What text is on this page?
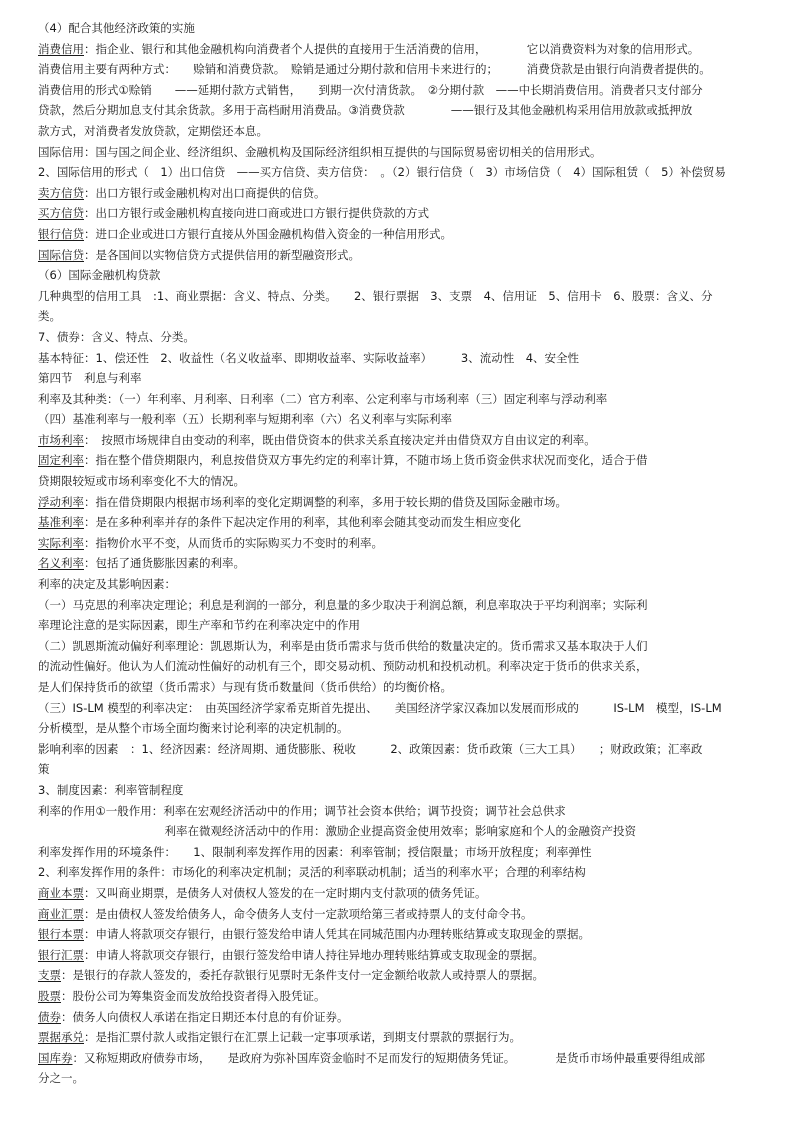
（4）配合其他经济政策的实施
消费信用：指企业、银行和其他金融机构向消费者个人提供的直接用于生活消费的信用，　　　　它以消费资料为对象的信用形式。
消费信用主要有两种方式：　　赊销和消费贷款。　赊销是通过分期付款和信用卡来进行的；　　　消费贷款是由银行向消费者提供的。
消费信用的形式①赊销　　——延期付款方式销售，　　到期一次付清货款。　②分期付款　——中长期消费信用。消费者只支付部分
贷款，然后分期加息支付其余货款。多用于高档耐用消费品。③消费贷款　　　　——银行及其他金融机构采用信用放款或抵押放
款方式，对消费者发放贷款，定期偿还本息。
国际信用：国与国之间企业、经济组织、金融机构及国际经济组织相互提供的与国际贸易密切相关的信用形式。
2、国际信用的形式（　1）出口信贷　——买方信贷、卖方信贷：　。（2）银行信贷（　3）市场信贷（　4）国际租赁（　5）补偿贸易
卖方信贷：出口方银行或金融机构对出口商提供的信贷。
买方信贷：出口方银行或金融机构直接向进口商或进口方银行提供贷款的方式
银行信贷：进口企业或进口方银行直接从外国金融机构借入资金的一种信用形式。
国际信贷：是各国间以实物信贷方式提供信用的新型融资形式。
（6）国际金融机构贷款
几种典型的信用工具　:1、商业票据：含义、特点、分类。　　2、银行票据　3、支票　4、信用证　5、信用卡　6、股票：含义、分
类。
7、债券：含义、特点、分类。
基本特征：1、偿还性　2、收益性（名义收益率、即期收益率、实际收益率）　　　3、流动性　4、安全性
第四节　利息与利率
利率及其种类：（一）年利率、月利率、日利率（二）官方利率、公定利率与市场利率（三）固定利率与浮动利率
（四）基准利率与一般利率（五）长期利率与短期利率（六）名义利率与实际利率
市场利率：　按照市场规律自由变动的利率，既由借贷资本的供求关系直接决定并由借贷双方自由议定的利率。
固定利率：指在整个借贷期限内，利息按借贷双方事先约定的利率计算，不随市场上货币资金供求状况而变化，适合于借
贷期限较短或市场利率变化不大的情况。
浮动利率：指在借贷期限内根据市场利率的变化定期调整的利率，多用于较长期的借贷及国际金融市场。
基准利率：是在多种利率并存的条件下起决定作用的利率，其他利率会随其变动而发生相应变化
实际利率：指物价水平不变，从而货币的实际购买力不变时的利率。
名义利率：包括了通货膨胀因素的利率。
利率的决定及其影响因素：
（一）马克思的利率决定理论；利息是利润的一部分，利息量的多少取决于利润总额，利息率取决于平均利润率；实际利
率理论注意的是实际因素，即生产率和节约在利率决定中的作用
（二）凯恩斯流动偏好利率理论：凯恩斯认为，利率是由货币需求与货币供给的数量决定的。货币需求又基本取决于人们
的流动性偏好。他认为人们流动性偏好的动机有三个，即交易动机、预防动机和投机动机。利率决定于货币的供求关系，
是人们保持货币的欲望（货币需求）与现有货币数量间（货币供给）的均衡价格。
（三）IS-LM 模型的利率决定：　由英国经济学家希克斯首先提出、　　美国经济学家汉森加以发展而形成的　　　IS-LM　模型，IS-LM
分析模型，是从整个市场全面均衡来讨论利率的决定机制的。
影响利率的因素　：1、经济因素：经济周期、通货膨胀、税收　　　2、政策因素：货币政策（三大工具）　　；财政政策；汇率政
策
3、制度因素：利率管制程度
利率的作用①一般作用：利率在宏观经济活动中的作用；调节社会资本供给；调节投资；调节社会总供求
　　　　　　　　　　　利率在微观经济活动中的作用：激励企业提高资金使用效率；影响家庭和个人的金融资产投资
利率发挥作用的环境条件：　　1、限制利率发挥作用的因素：利率管制；授信限量；市场开放程度；利率弹性
2、利率发挥作用的条件：市场化的利率决定机制；灵活的利率联动机制；适当的利率水平；合理的利率结构
商业本票：又叫商业期票，是债务人对债权人签发的在一定时期内支付款项的债务凭证。
商业汇票：是由债权人签发给债务人，命令债务人支付一定款项给第三者或持票人的支付命令书。
银行本票：申请人将款项交存银行，由银行签发给申请人凭其在同城范围内办理转账结算或支取现金的票据。
银行汇票：申请人将款项交存银行，由银行签发给申请人持往异地办理转账结算或支取现金的票据。
支票：是银行的存款人签发的，委托存款银行见票时无条件支付一定金额给收款人或持票人的票据。
股票：股份公司为筹集资金而发放给投资者得入股凭证。
债券：债务人向债权人承诺在指定日期还本付息的有价证券。
票据承兑：是指汇票付款人或指定银行在汇票上记载一定事项承诺，到期支付票款的票据行为。
国库券：又称短期政府债券市场，　　是政府为弥补国库资金临时不足而发行的短期债务凭证。　　　　是货币市场仲最重要得组成部
分之一。
